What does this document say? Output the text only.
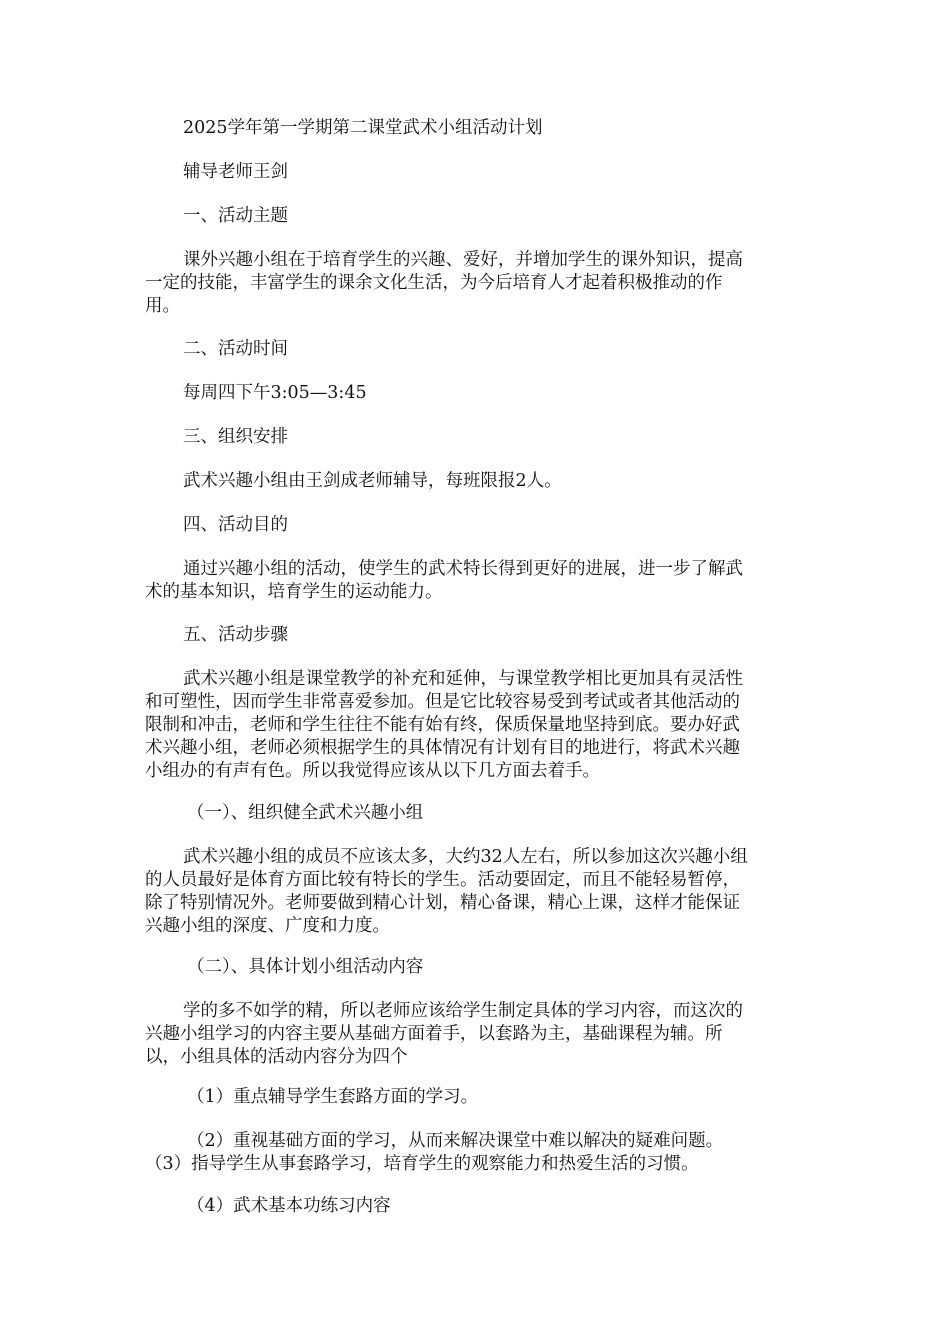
2025学年第一学期第二课堂武术小组活动计划
辅导老师王剑
一、活动主题
课外兴趣小组在于培育学生的兴趣、爱好，并增加学生的课外知识，提高
一定的技能，丰富学生的课余文化生活，为今后培育人才起着积极推动的作
用。
二、活动时间
每周四下午3:05—3:45
三、组织安排
武术兴趣小组由王剑成老师辅导，每班限报2人。
四、活动目的
通过兴趣小组的活动，使学生的武术特长得到更好的进展，进一步了解武
术的基本知识，培育学生的运动能力。
五、活动步骤
武术兴趣小组是课堂教学的补充和延伸，与课堂教学相比更加具有灵活性
和可塑性，因而学生非常喜爱参加。但是它比较容易受到考试或者其他活动的
限制和冲击，老师和学生往往不能有始有终，保质保量地坚持到底。要办好武
术兴趣小组，老师必须根据学生的具体情况有计划有目的地进行，将武术兴趣
小组办的有声有色。所以我觉得应该从以下几方面去着手。
（一）、组织健全武术兴趣小组
武术兴趣小组的成员不应该太多，大约32人左右，所以参加这次兴趣小组
的人员最好是体育方面比较有特长的学生。活动要固定，而且不能轻易暂停，
除了特别情况外。老师要做到精心计划，精心备课，精心上课，这样才能保证
兴趣小组的深度、广度和力度。
（二）、具体计划小组活动内容
学的多不如学的精，所以老师应该给学生制定具体的学习内容，而这次的
兴趣小组学习的内容主要从基础方面着手，以套路为主，基础课程为辅。所
以，小组具体的活动内容分为四个
（1）重点辅导学生套路方面的学习。
（2）重视基础方面的学习，从而来解决课堂中难以解决的疑难问题。
（3）指导学生从事套路学习，培育学生的观察能力和热爱生活的习惯。
（4）武术基本功练习内容
